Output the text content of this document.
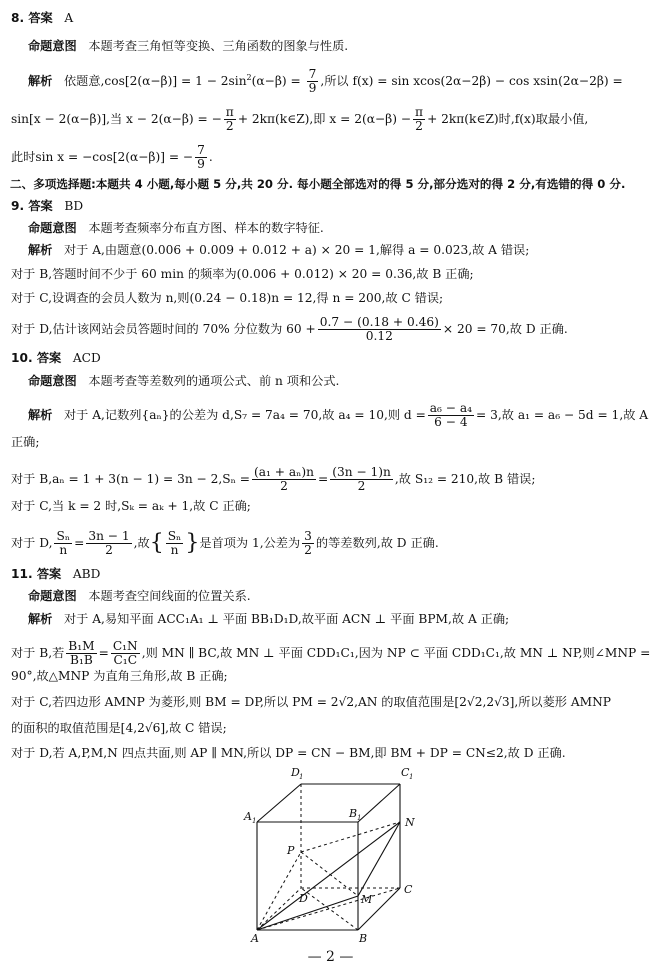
8. 答案 A
命题意图 本题考查三角恒等变换、三角函数的图象与性质.
解析 依题意$,\cos[2(\alpha-\beta)] = 1 - 2\sin^2(\alpha-\beta) = \frac{7}{9}$ ,所以 f(x) = sin xcos(2α−2β) − cos xsin(2α−2β) =
sin[x − 2(α−β)],当 x − 2(α−β) = − $\frac{\pi}{2}$ + 2kπ(k∈Z),即 $x = 2(\alpha-\beta) - \frac{\pi}{2}$ + 2kπ(k∈Z)时,f(x)取最小值,
此时sin x = −cos[2(α−β)] = − $\frac{7}{9}$ .
二、多项选择题:本题共 4 小题,每小题 5 分,共 20 分. 每小题全部选对的得 5 分,部分选对的得 2 分,有选错的得 0 分.
9. 答案 BD
命题意图 本题考查频率分布直方图、样本的数字特征.
解析 对于 A,由题意(0.006 + 0.009 + 0.012 + a) × 20 = 1,解得 a = 0.023,故 A 错误;
对于 B,答题时间不少于 60 min 的频率为(0.006 + 0.012) × 20 = 0.36,故 B 正确;
对于 C,设调查的会员人数为 n,则(0.24 − 0.18)n = 12,得 n = 200,故 C 错误;
对于 D,估计该网站会员答题时间的 70% 分位数为 $60 + \frac{0.7 - (0.18 + 0.46)}{0.12} \times 20 = 70$,故 D 正确.
10. 答案 ACD
命题意图 本题考查等差数列的通项公式、前 n 项和公式.
解析 对于 A,记数列{aₙ}的公差为 d,S₇ = 7a₄ = 70,故 a₄ = 10,则 $d = \frac{\text{a₆ − a₄}}{6 - 4} = 3$,故 a₁ = a₆ − 5d = 1,故 A
正确;
对于 $B,a_n = 1 + 3(n - 1) = 3n - 2,S_n = \frac{\text{(a₁ + aₙ)n}}{2} = \frac{(3n - 1)n}{2}$ ,故 S₁₂ = 210,故 B 错误;
对于 C,当 k = 2 时,Sₖ = aₖ + 1,故 C 正确;
对于 D, $\frac{\text{Sₙ}}{n} = \frac{3n - 1}{2}$ ,故{ $\frac{\text{Sₙ}}{n}$ }是首项为 1,公差为 $\frac{3}{2}$ 的等差数列,故 D 正确.
11. 答案 ABD
命题意图 本题考查空间线面的位置关系.
解析 对于 A,易知平面 ACC₁A₁ ⊥ 平面 BB₁D₁D,故平面 ACN ⊥ 平面 BPM,故 A 正确;
对于 B,若 $\frac{\text{B₁M}}{\text{B₁B}} = \frac{\text{C₁N}}{\text{C₁C}}$ ,则 MN ∥ BC,故 MN ⊥ 平面 CDD₁C₁,因为 NP ⊂ 平面 CDD₁C₁,故 MN ⊥ NP,则∠MNP =
90°,故△MNP 为直角三角形,故 B 正确;
对于 C,若四边形 AMNP 为菱形,则 BM = DP,所以 PM = 2√2,AN 的取值范围是[2√2,2√3],所以菱形 AMNP
的面积的取值范围是[4,2√6],故 C 错误;
对于 D,若 A,P,M,N 四点共面,则 AP ∥ MN,所以 DP = CN − BM,即 BM + DP = CN≤2,故 D 正确.
D 1	C 1
A 1
B 1	N
P
D	M
C
A	B
— 2 —
